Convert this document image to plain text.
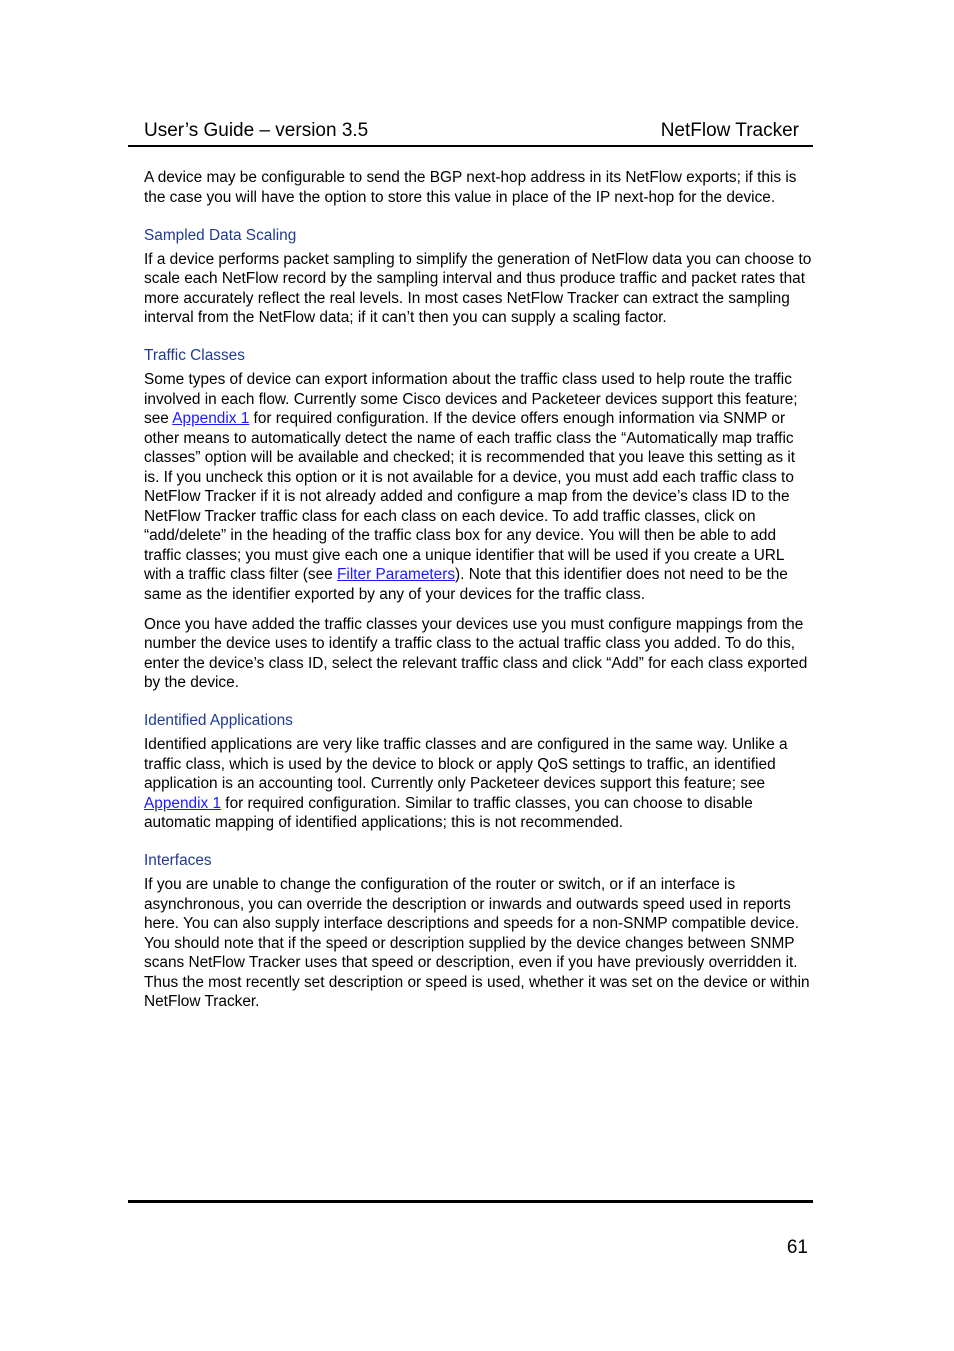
User’s Guide – version 3.5	NetFlow Tracker

A device may be configurable to send the BGP next-hop address in its NetFlow exports; if this is the case you will have the option to store this value in place of the IP next-hop for the device.

Sampled Data Scaling

If a device performs packet sampling to simplify the generation of NetFlow data you can choose to scale each NetFlow record by the sampling interval and thus produce traffic and packet rates that more accurately reflect the real levels. In most cases NetFlow Tracker can extract the sampling interval from the NetFlow data; if it can’t then you can supply a scaling factor.

Traffic Classes

Some types of device can export information about the traffic class used to help route the traffic involved in each flow. Currently some Cisco devices and Packeteer devices support this feature; see Appendix 1 for required configuration. If the device offers enough information via SNMP or other means to automatically detect the name of each traffic class the “Automatically map traffic classes” option will be available and checked; it is recommended that you leave this setting as it is. If you uncheck this option or it is not available for a device, you must add each traffic class to NetFlow Tracker if it is not already added and configure a map from the device’s class ID to the NetFlow Tracker traffic class for each class on each device. To add traffic classes, click on “add/delete” in the heading of the traffic class box for any device. You will then be able to add traffic classes; you must give each one a unique identifier that will be used if you create a URL with a traffic class filter (see Filter Parameters). Note that this identifier does not need to be the same as the identifier exported by any of your devices for the traffic class.

Once you have added the traffic classes your devices use you must configure mappings from the number the device uses to identify a traffic class to the actual traffic class you added. To do this, enter the device’s class ID, select the relevant traffic class and click “Add” for each class exported by the device.

Identified Applications

Identified applications are very like traffic classes and are configured in the same way. Unlike a traffic class, which is used by the device to block or apply QoS settings to traffic, an identified application is an accounting tool. Currently only Packeteer devices support this feature; see Appendix 1 for required configuration. Similar to traffic classes, you can choose to disable automatic mapping of identified applications; this is not recommended.

Interfaces

If you are unable to change the configuration of the router or switch, or if an interface is asynchronous, you can override the description or inwards and outwards speed used in reports here. You can also supply interface descriptions and speeds for a non-SNMP compatible device. You should note that if the speed or description supplied by the device changes between SNMP scans NetFlow Tracker uses that speed or description, even if you have previously overridden it. Thus the most recently set description or speed is used, whether it was set on the device or within NetFlow Tracker.

61
